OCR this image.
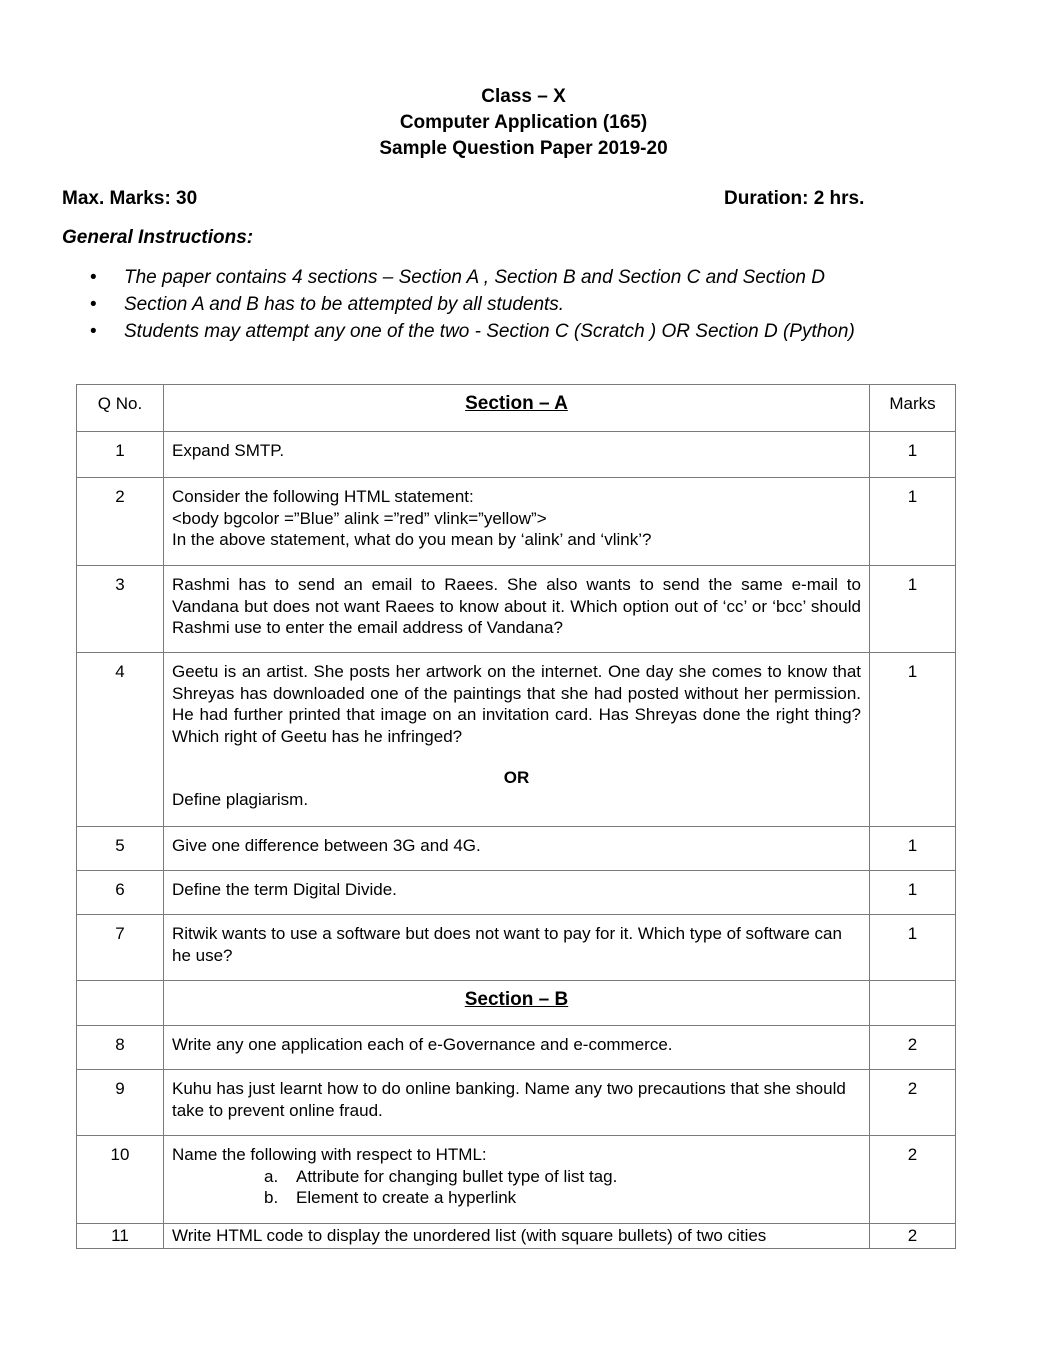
Class – X
Computer Application (165)
Sample Question Paper 2019-20
Max. Marks: 30	Duration: 2 hrs.
General Instructions:
• The paper contains 4 sections – Section A , Section B and Section C and Section D
• Section A and B has to be attempted by all students.
• Students may attempt any one of the two - Section C (Scratch ) OR Section D (Python)
Q No.	Section – A	Marks
1	Expand SMTP.	1
2	Consider the following HTML statement:
<body bgcolor =”Blue” alink =”red” vlink=”yellow”>
In the above statement, what do you mean by ‘alink’ and ‘vlink’?	1
3	Rashmi has to send an email to Raees. She also wants to send the same e-mail to Vandana but does not want Raees to know about it. Which option out of ‘cc’ or ‘bcc’ should Rashmi use to enter the email address of Vandana?	1
4	Geetu is an artist. She posts her artwork on the internet. One day she comes to know that Shreyas has downloaded one of the paintings that she had posted without her permission. He had further printed that image on an invitation card. Has Shreyas done the right thing? Which right of Geetu has he infringed?
OR
Define plagiarism.	1
5	Give one difference between 3G and 4G.	1
6	Define the term Digital Divide.	1
7	Ritwik wants to use a software but does not want to pay for it. Which type of software can he use?	1
	Section – B	
8	Write any one application each of e-Governance and e-commerce.	2
9	Kuhu has just learnt how to do online banking. Name any two precautions that she should take to prevent online fraud.	2
10	Name the following with respect to HTML:
a. Attribute for changing bullet type of list tag.
b. Element to create a hyperlink	2
11	Write HTML code to display the unordered list (with square bullets) of two cities	2
